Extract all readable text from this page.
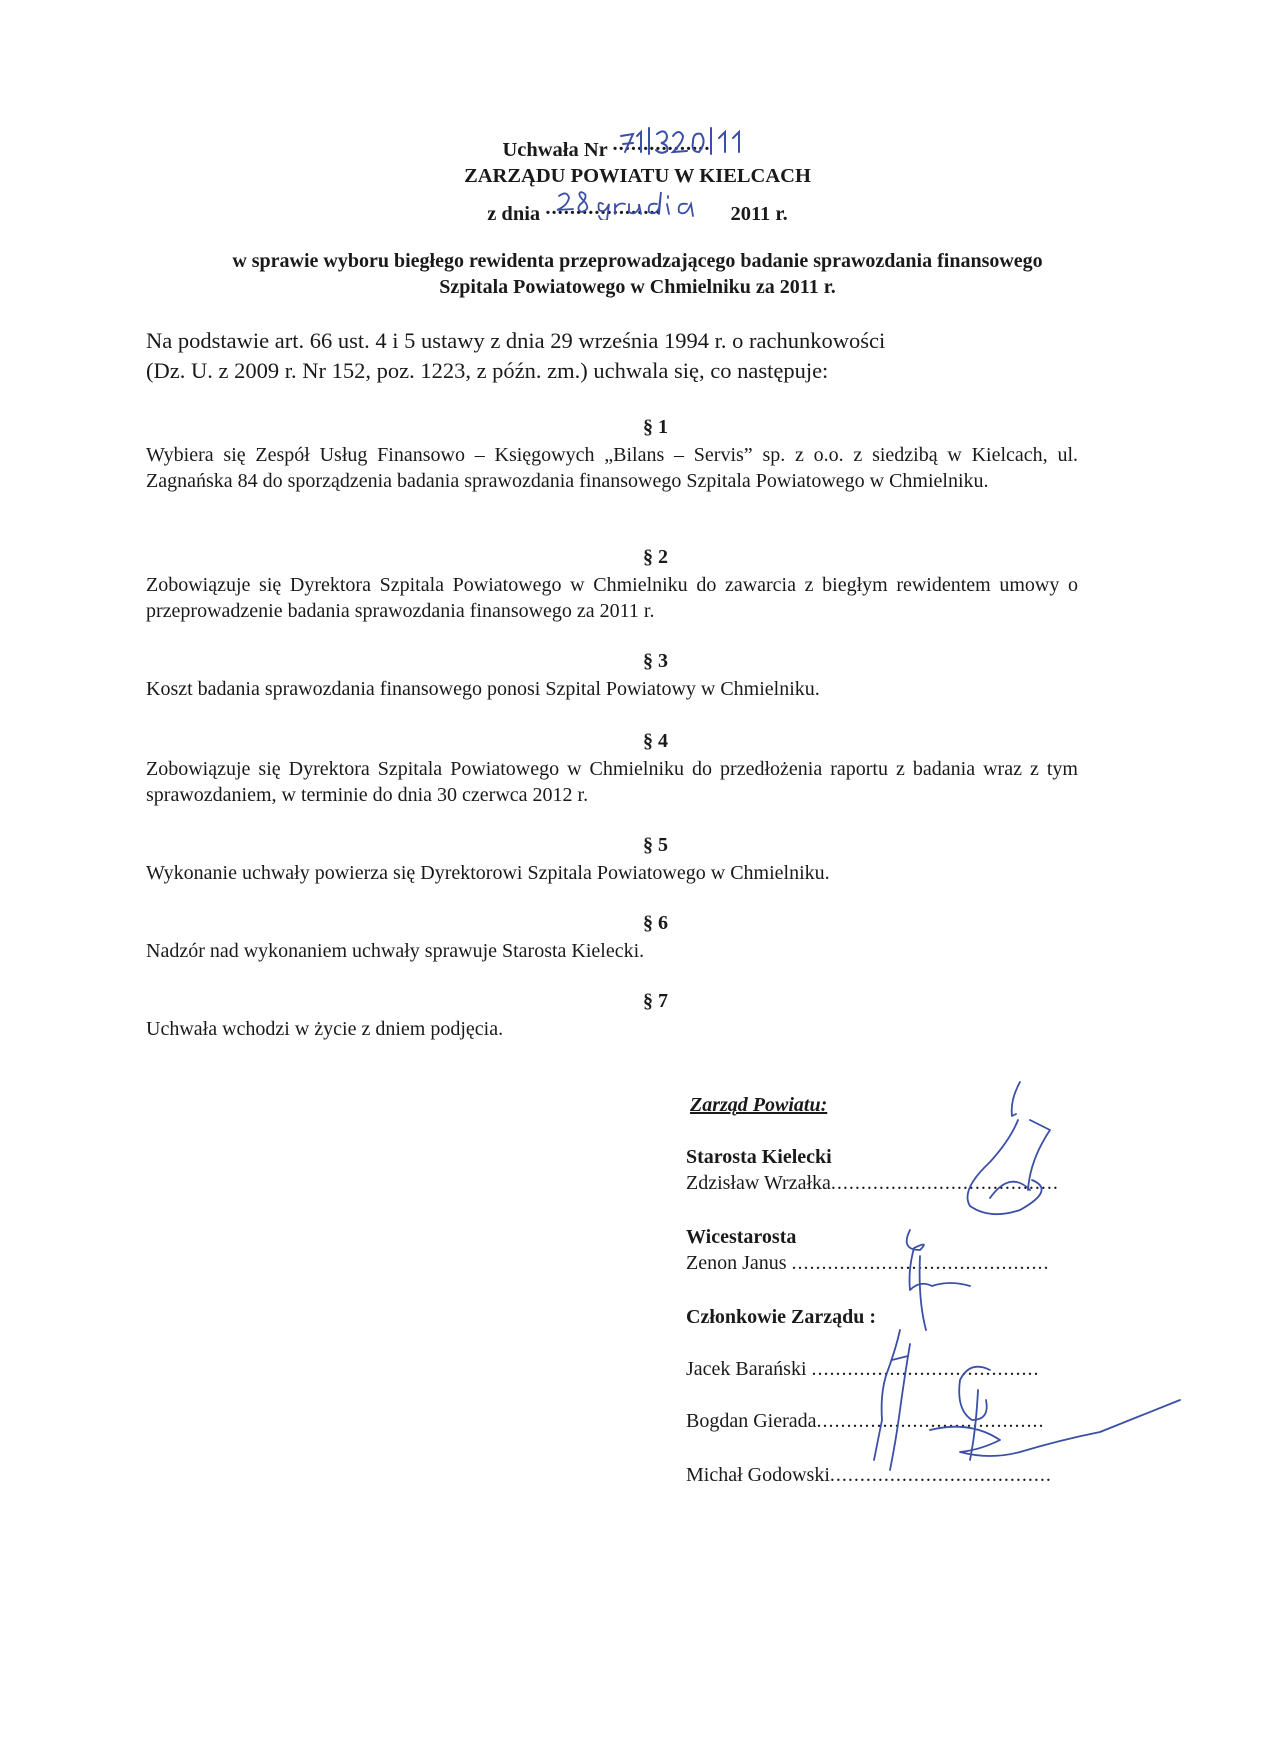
Uchwała Nr ................
ZARZĄDU POWIATU W KIELCACH
z dnia ...................	2011 r.
w sprawie wyboru biegłego rewidenta przeprowadzającego badanie sprawozdania finansowego
Szpitala Powiatowego w Chmielniku za 2011 r.
Na podstawie art. 66 ust. 4 i 5 ustawy z dnia 29 września 1994 r. o rachunkowości
(Dz. U. z 2009 r. Nr 152, poz. 1223, z późn. zm.) uchwala się, co następuje:
§ 1
Wybiera się Zespół Usług Finansowo – Księgowych „Bilans – Servis” sp. z o.o. z siedzibą w Kielcach, ul. Zagnańska 84 do sporządzenia badania sprawozdania finansowego Szpitala Powiatowego w Chmielniku.
§ 2
Zobowiązuje się Dyrektora Szpitala Powiatowego w Chmielniku do zawarcia z biegłym rewidentem umowy o przeprowadzenie badania sprawozdania finansowego za 2011 r.
§ 3
Koszt badania sprawozdania finansowego ponosi Szpital Powiatowy w Chmielniku.
§ 4
Zobowiązuje się Dyrektora Szpitala Powiatowego w Chmielniku do przedłożenia raportu z badania wraz z tym sprawozdaniem, w terminie do dnia 30 czerwca 2012 r.
§ 5
Wykonanie uchwały powierza się Dyrektorowi Szpitala Powiatowego w Chmielniku.
§ 6
Nadzór nad wykonaniem uchwały sprawuje Starosta Kielecki.
§ 7
Uchwała wchodzi w życie z dniem podjęcia.
Zarząd Powiatu:
Starosta Kielecki
Zdzisław Wrzałka......................................
Wicestarosta
Zenon Janus ...........................................
Członkowie Zarządu :
Jacek Barański ......................................
Bogdan Gierada......................................
Michał Godowski.....................................
